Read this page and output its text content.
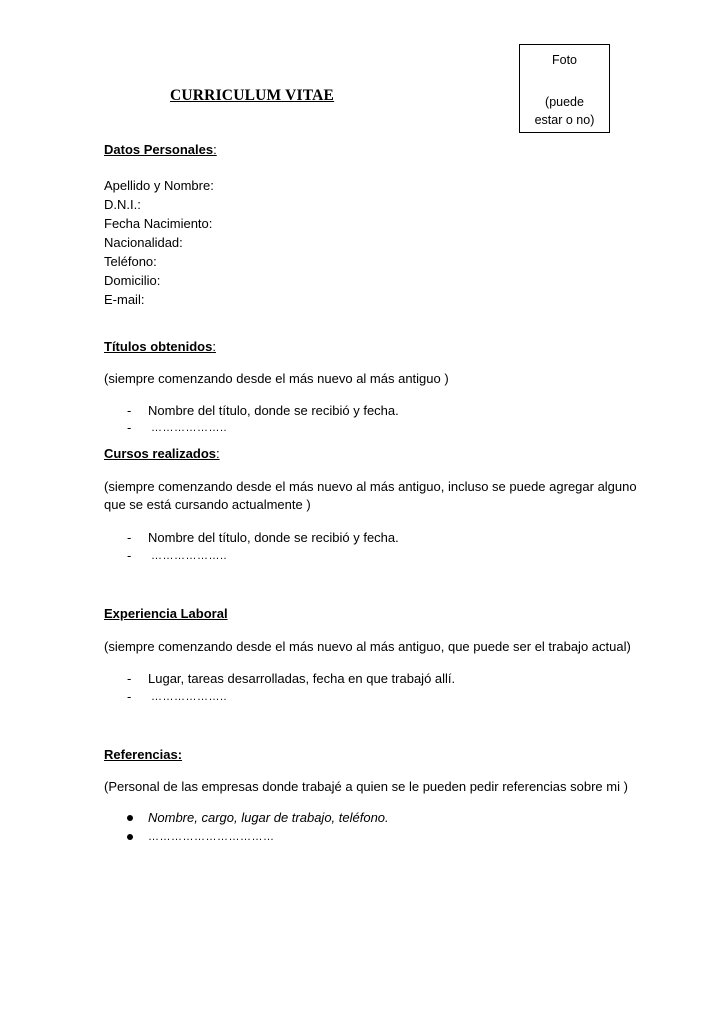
CURRICULUM VITAE
Foto
(puede
estar o no)
Datos Personales:
Apellido y Nombre:
D.N.I.:
Fecha Nacimiento:
Nacionalidad:
Teléfono:
Domicilio:
E-mail:
Títulos obtenidos:
(siempre comenzando desde el más nuevo al más antiguo )
- Nombre del título, donde se recibió y fecha.
- ………………..
Cursos realizados:
(siempre comenzando desde el más nuevo al más antiguo, incluso se puede agregar alguno
que se está cursando actualmente )
- Nombre del título, donde se recibió y fecha.
- ………………..
Experiencia Laboral
(siempre comenzando desde el más nuevo al más antiguo, que puede ser el trabajo actual)
- Lugar, tareas desarrolladas, fecha en que trabajó allí.
- ………………..
Referencias:
(Personal de las empresas donde trabajé a quien se le pueden pedir referencias sobre mi )
Nombre, cargo, lugar de trabajo, teléfono.
……………………………
